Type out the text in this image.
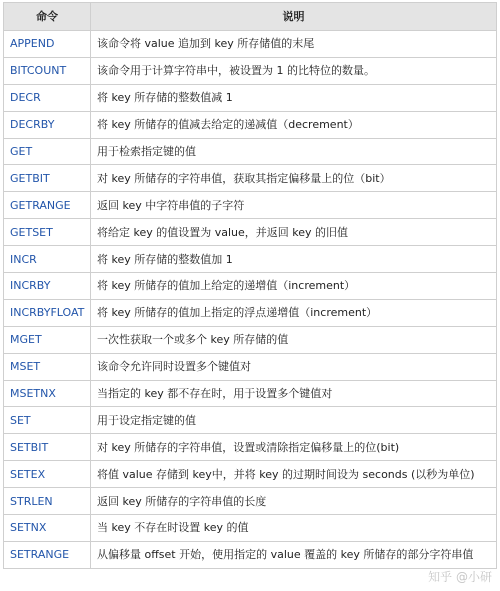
命令	说明
APPEND	该命令将 value 追加到 key 所存储值的末尾
BITCOUNT	该命令用于计算字符串中，被设置为 1 的比特位的数量。
DECR	将 key 所存储的整数值减 1
DECRBY	将 key 所储存的值减去给定的递减值（decrement）
GET	用于检索指定键的值
GETBIT	对 key 所储存的字符串值，获取其指定偏移量上的位（bit）
GETRANGE	返回 key 中字符串值的子字符
GETSET	将给定 key 的值设置为 value，并返回 key 的旧值
INCR	将 key 所存储的整数值加 1
INCRBY	将 key 所储存的值加上给定的递增值（increment）
INCRBYFLOAT	将 key 所储存的值加上指定的浮点递增值（increment）
MGET	一次性获取一个或多个 key 所存储的值
MSET	该命令允许同时设置多个键值对
MSETNX	当指定的 key 都不存在时，用于设置多个键值对
SET	用于设定指定键的值
SETBIT	对 key 所储存的字符串值，设置或清除指定偏移量上的位(bit)
SETEX	将值 value 存储到 key中，并将 key 的过期时间设为 seconds (以秒为单位)
STRLEN	返回 key 所储存的字符串值的长度
SETNX	当 key 不存在时设置 key 的值
SETRANGE	从偏移量 offset 开始，使用指定的 value 覆盖的 key 所储存的部分字符串值
知乎 @小研
